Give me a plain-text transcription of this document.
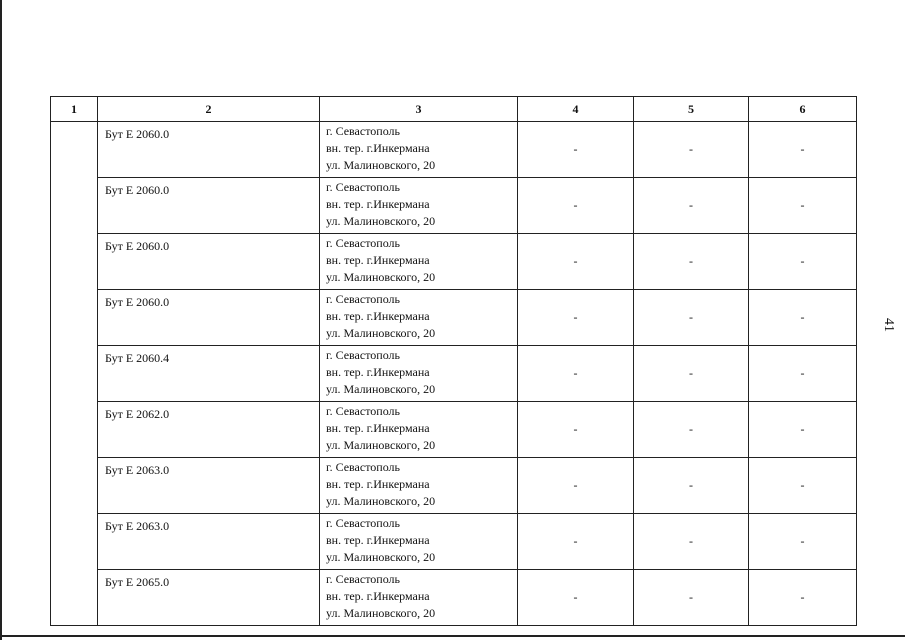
1	2	3	4	5	6
	Бут Е 2060.0	г. Севастополь
вн. тер. г.Инкермана
ул. Малиновского, 20	-	-	-
	Бут Е 2060.0	г. Севастополь
вн. тер. г.Инкермана
ул. Малиновского, 20	-	-	-
	Бут Е 2060.0	г. Севастополь
вн. тер. г.Инкермана
ул. Малиновского, 20	-	-	-
	Бут Е 2060.0	г. Севастополь
вн. тер. г.Инкермана
ул. Малиновского, 20	-	-	-
	Бут Е 2060.4	г. Севастополь
вн. тер. г.Инкермана
ул. Малиновского, 20	-	-	-
	Бут Е 2062.0	г. Севастополь
вн. тер. г.Инкермана
ул. Малиновского, 20	-	-	-
	Бут Е 2063.0	г. Севастополь
вн. тер. г.Инкермана
ул. Малиновского, 20	-	-	-
	Бут Е 2063.0	г. Севастополь
вн. тер. г.Инкермана
ул. Малиновского, 20	-	-	-
	Бут Е 2065.0	г. Севастополь
вн. тер. г.Инкермана
ул. Малиновского, 20	-	-	-
41
